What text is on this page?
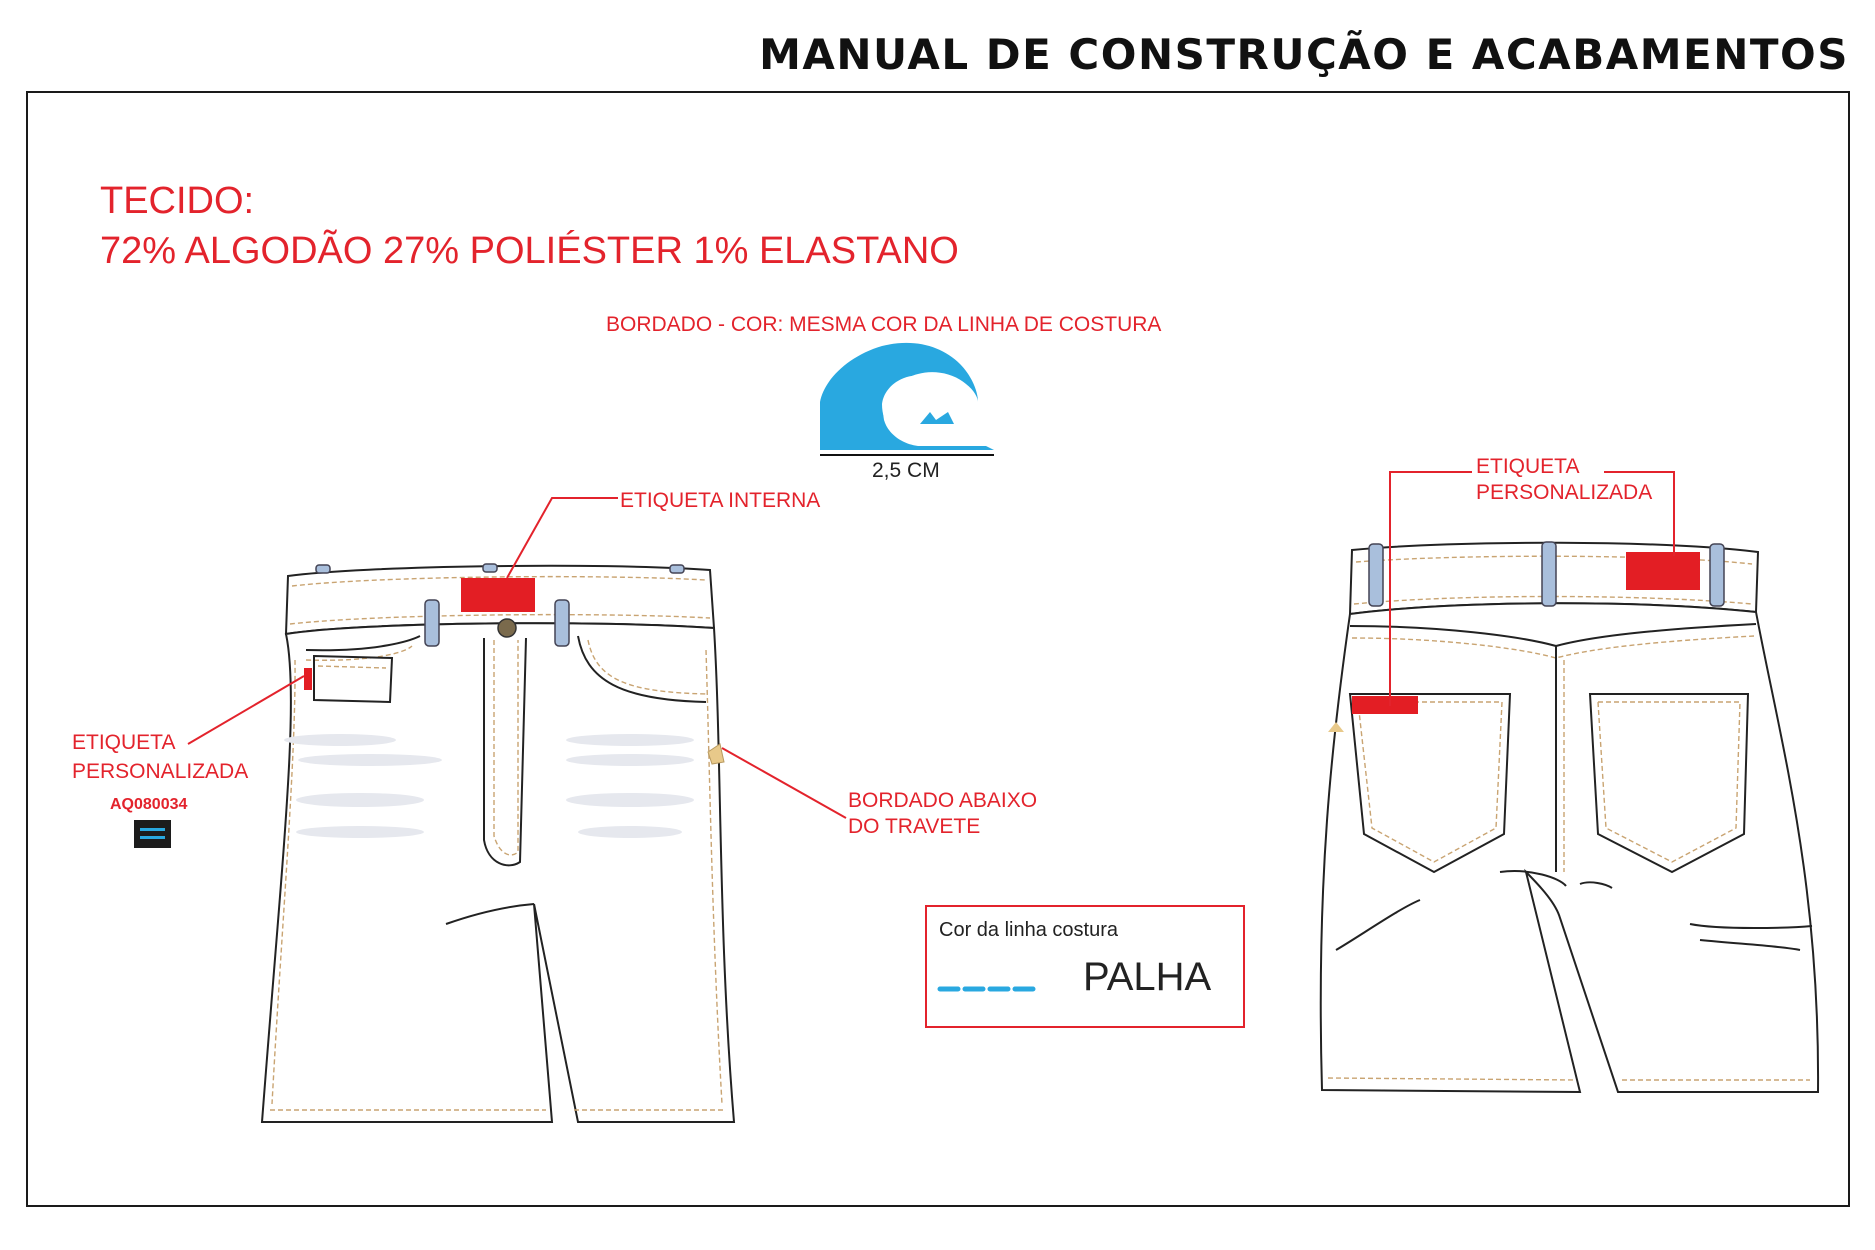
MANUAL DE CONSTRUÇÃO E ACABAMENTOS
TECIDO:
72% ALGODÃO 27% POLIÉSTER 1% ELASTANO
BORDADO - COR: MESMA COR DA LINHA DE COSTURA
2,5 CM
ETIQUETA INTERNA
ETIQUETA
PERSONALIZADA
AQ080034	BORDADO ABAIXO
DO TRAVETE
ETIQUETA
PERSONALIZADA
Cor da linha costura
PALHA
